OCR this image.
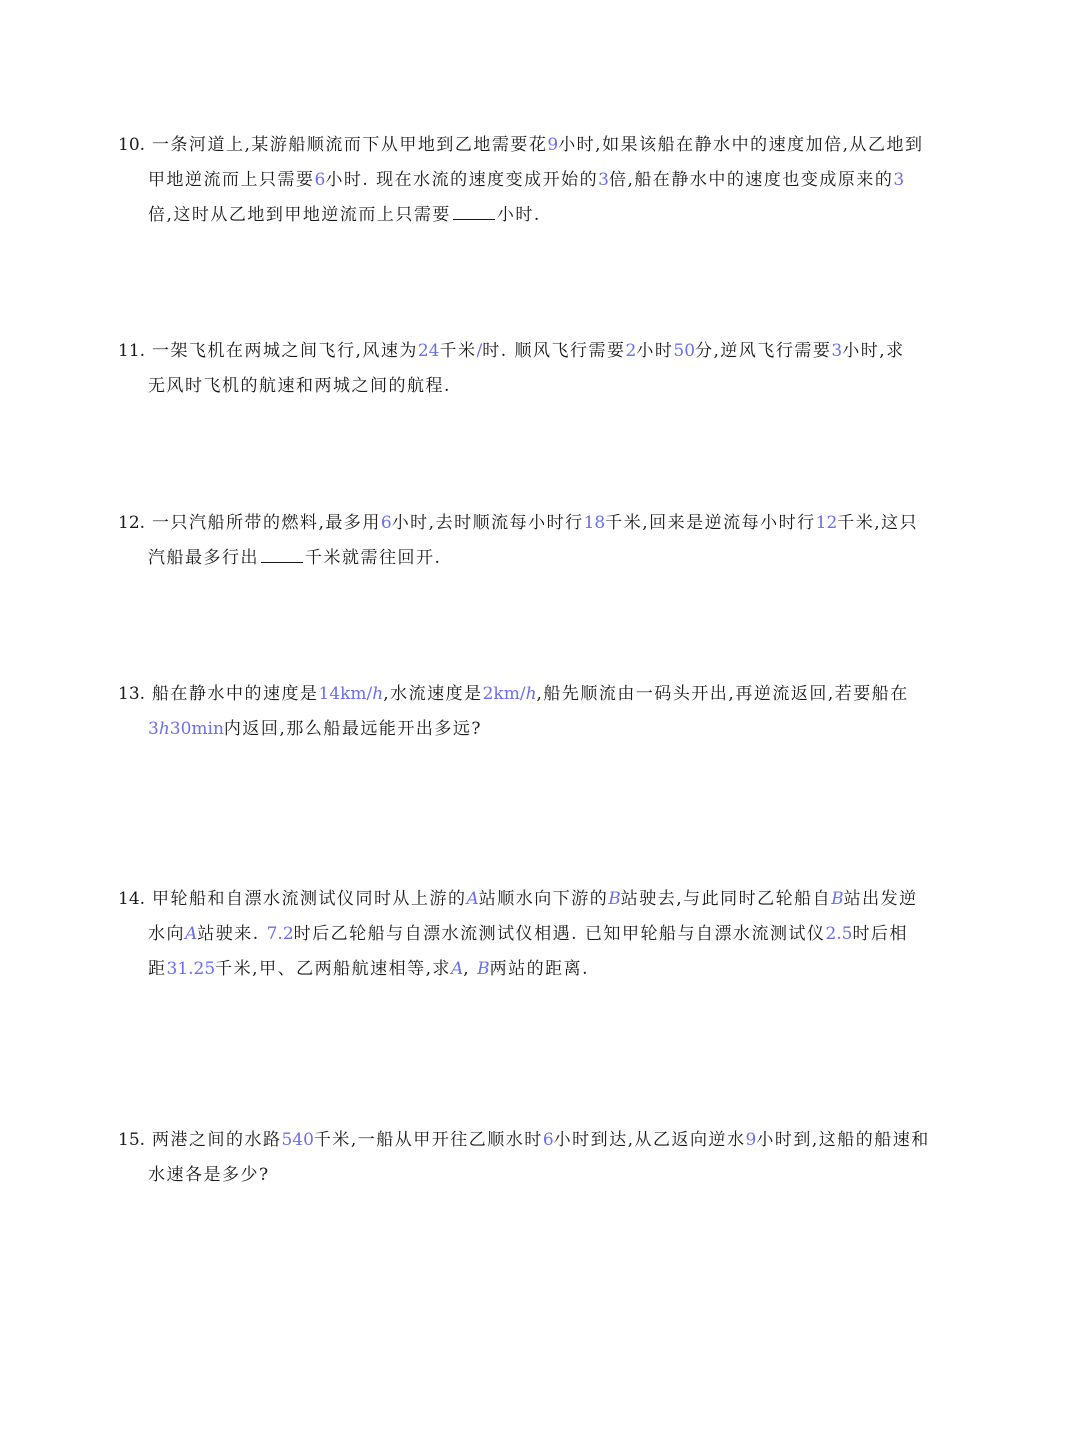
10. 一条河道上,某游船顺流而下从甲地到乙地需要花9小时,如果该船在静水中的速度加倍,从乙地到
甲地逆流而上只需要6小时. 现在水流的速度变成开始的3倍,船在静水中的速度也变成原来的3
倍,这时从乙地到甲地逆流而上只需要	小时.
11. 一架飞机在两城之间飞行,风速为24千米/时. 顺风飞行需要2小时50分,逆风飞行需要3小时,求
无风时飞机的航速和两城之间的航程.
12. 一只汽船所带的燃料,最多用6小时,去时顺流每小时行18千米,回来是逆流每小时行12千米,这只
汽船最多行出	千米就需往回开.
13. 船在静水中的速度是14km/h,水流速度是2km/h,船先顺流由一码头开出,再逆流返回,若要船在
3h30min内返回,那么船最远能开出多远?
14. 甲轮船和自漂水流测试仪同时从上游的A站顺水向下游的B站驶去,与此同时乙轮船自B站出发逆
水向A站驶来. 7.2时后乙轮船与自漂水流测试仪相遇. 已知甲轮船与自漂水流测试仪2.5时后相
距31.25千米,甲、乙两船航速相等,求A, B两站的距离.
15. 两港之间的水路540千米,一船从甲开往乙顺水时6小时到达,从乙返向逆水9小时到,这船的船速和
水速各是多少?
